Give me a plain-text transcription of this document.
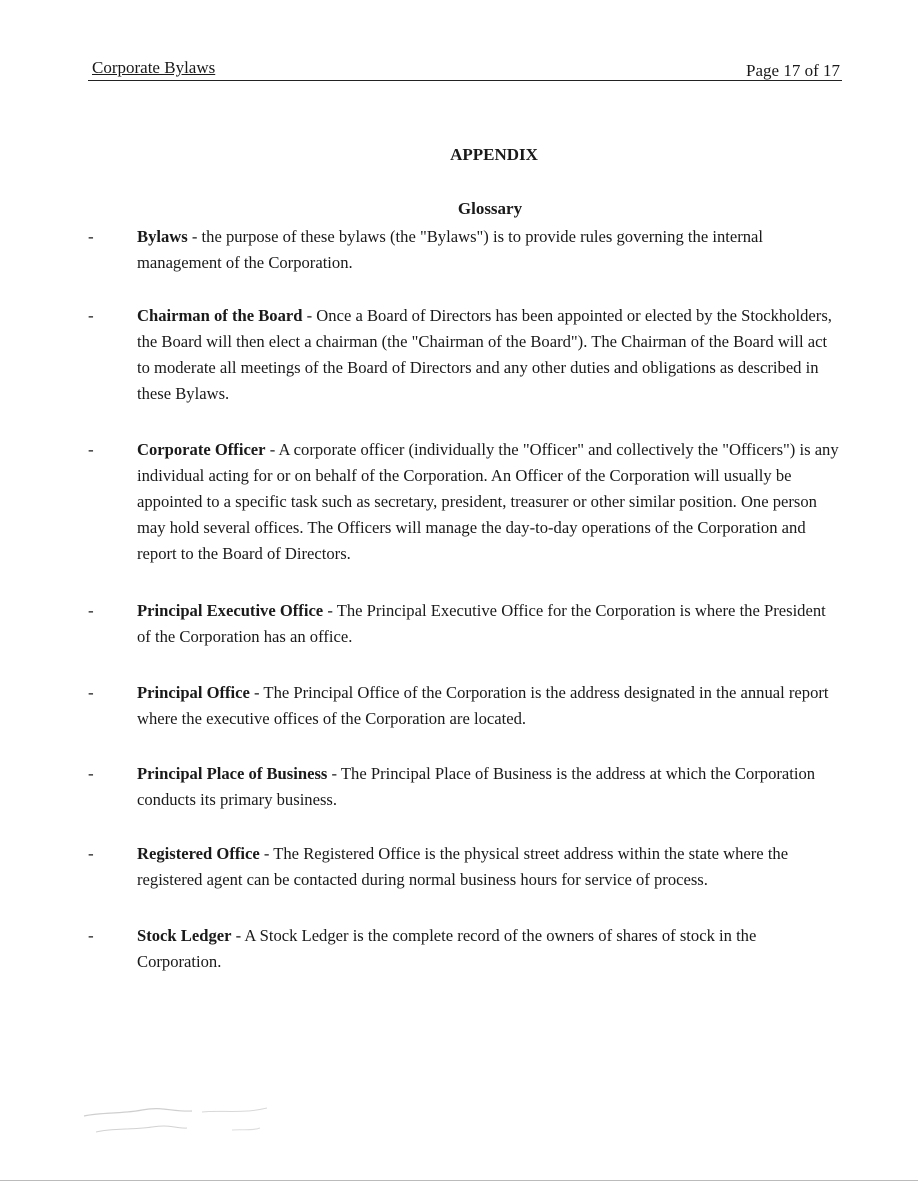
Corporate Bylaws	Page 17 of 17
APPENDIX
Glossary
-	Bylaws - the purpose of these bylaws (the "Bylaws") is to provide rules governing the internal management of the Corporation.
-	Chairman of the Board - Once a Board of Directors has been appointed or elected by the Stockholders, the Board will then elect a chairman (the "Chairman of the Board"). The Chairman of the Board will act to moderate all meetings of the Board of Directors and any other duties and obligations as described in these Bylaws.
-	Corporate Officer - A corporate officer (individually the "Officer" and collectively the "Officers") is any individual acting for or on behalf of the Corporation. An Officer of the Corporation will usually be appointed to a specific task such as secretary, president, treasurer or other similar position. One person may hold several offices. The Officers will manage the day-to-day operations of the Corporation and report to the Board of Directors.
-	Principal Executive Office - The Principal Executive Office for the Corporation is where the President of the Corporation has an office.
-	Principal Office - The Principal Office of the Corporation is the address designated in the annual report where the executive offices of the Corporation are located.
-	Principal Place of Business - The Principal Place of Business is the address at which the Corporation conducts its primary business.
-	Registered Office - The Registered Office is the physical street address within the state where the registered agent can be contacted during normal business hours for service of process.
-	Stock Ledger - A Stock Ledger is the complete record of the owners of shares of stock in the Corporation.
